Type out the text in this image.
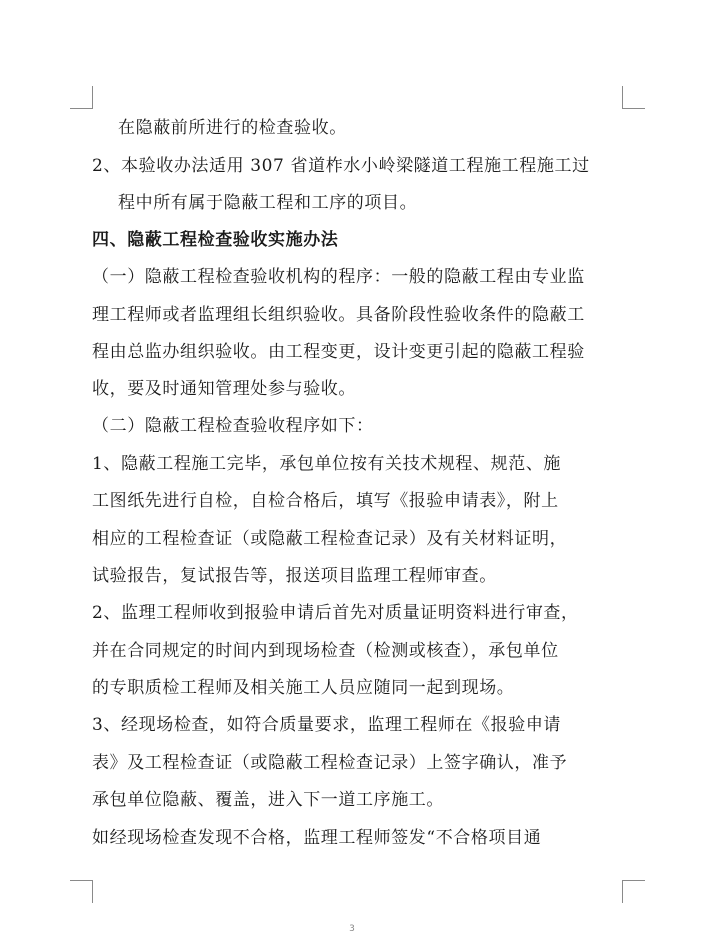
在隐蔽前所进行的检查验收。
2、本验收办法适用 307 省道柞水小岭梁隧道工程施工程施工过
程中所有属于隐蔽工程和工序的项目。
四、隐蔽工程检查验收实施办法
（一）隐蔽工程检查验收机构的程序：一般的隐蔽工程由专业监
理工程师或者监理组长组织验收。具备阶段性验收条件的隐蔽工
程由总监办组织验收。由工程变更，设计变更引起的隐蔽工程验
收，要及时通知管理处参与验收。
（二）隐蔽工程检查验收程序如下：
1、隐蔽工程施工完毕，承包单位按有关技术规程、规范、施
工图纸先进行自检，自检合格后，填写《报验申请表》，附上
相应的工程检查证（或隐蔽工程检查记录）及有关材料证明，
试验报告，复试报告等，报送项目监理工程师审查。
2、监理工程师收到报验申请后首先对质量证明资料进行审查，
并在合同规定的时间内到现场检查（检测或核查），承包单位
的专职质检工程师及相关施工人员应随同一起到现场。
3、经现场检查，如符合质量要求，监理工程师在《报验申请
表》及工程检查证（或隐蔽工程检查记录）上签字确认，准予
承包单位隐蔽、覆盖，进入下一道工序施工。
如经现场检查发现不合格，监理工程师签发“不合格项目通
3
